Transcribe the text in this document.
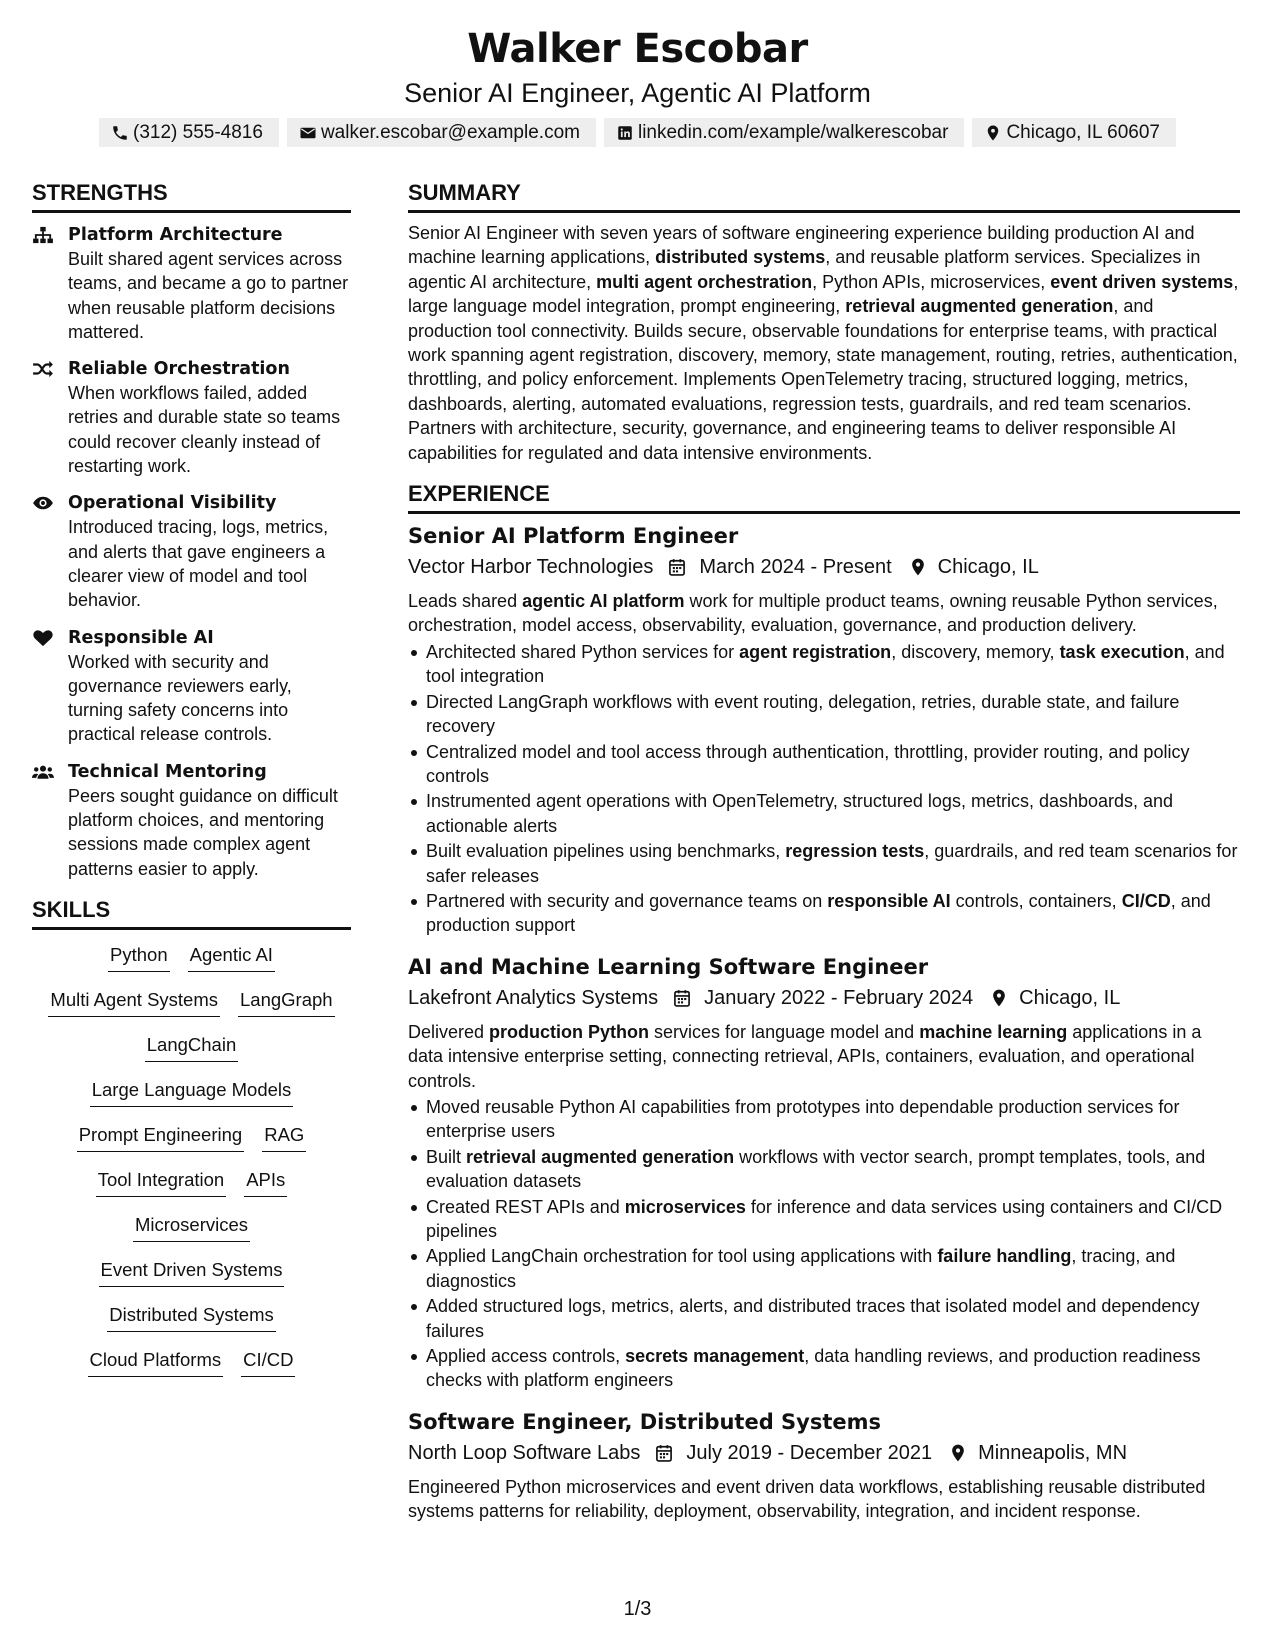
Walker Escobar
Senior AI Engineer, Agentic AI Platform
(312) 555-4816	walker.escobar@example.com	linkedin.com/example/walkerescobar	Chicago, IL 60607
STRENGTHS
Platform Architecture
Built shared agent services across teams, and became a go to partner when reusable platform decisions mattered.
Reliable Orchestration
When workflows failed, added retries and durable state so teams could recover cleanly instead of restarting work.
Operational Visibility
Introduced tracing, logs, metrics, and alerts that gave engineers a clearer view of model and tool behavior.
Responsible AI
Worked with security and governance reviewers early, turning safety concerns into practical release controls.
Technical Mentoring
Peers sought guidance on difficult platform choices, and mentoring sessions made complex agent patterns easier to apply.
SKILLS
Python Agentic AI
Multi Agent Systems LangGraph
LangChain
Large Language Models
Prompt Engineering RAG
Tool Integration APIs
Microservices
Event Driven Systems
Distributed Systems
Cloud Platforms CI/CD
SUMMARY
Senior AI Engineer with seven years of software engineering experience building production AI and machine learning applications, distributed systems, and reusable platform services. Specializes in agentic AI architecture, multi agent orchestration, Python APIs, microservices, event driven systems, large language model integration, prompt engineering, retrieval augmented generation, and production tool connectivity. Builds secure, observable foundations for enterprise teams, with practical work spanning agent registration, discovery, memory, state management, routing, retries, authentication, throttling, and policy enforcement. Implements OpenTelemetry tracing, structured logging, metrics, dashboards, alerting, automated evaluations, regression tests, guardrails, and red team scenarios. Partners with architecture, security, governance, and engineering teams to deliver responsible AI capabilities for regulated and data intensive environments.
EXPERIENCE
Senior AI Platform Engineer
Vector Harbor Technologies March 2024 - Present Chicago, IL
Leads shared agentic AI platform work for multiple product teams, owning reusable Python services, orchestration, model access, observability, evaluation, governance, and production delivery.
Architected shared Python services for agent registration, discovery, memory, task execution, and tool integration
Directed LangGraph workflows with event routing, delegation, retries, durable state, and failure recovery
Centralized model and tool access through authentication, throttling, provider routing, and policy controls
Instrumented agent operations with OpenTelemetry, structured logs, metrics, dashboards, and actionable alerts
Built evaluation pipelines using benchmarks, regression tests, guardrails, and red team scenarios for safer releases
Partnered with security and governance teams on responsible AI controls, containers, CI/CD, and production support
AI and Machine Learning Software Engineer
Lakefront Analytics Systems January 2022 - February 2024 Chicago, IL
Delivered production Python services for language model and machine learning applications in a data intensive enterprise setting, connecting retrieval, APIs, containers, evaluation, and operational controls.
Moved reusable Python AI capabilities from prototypes into dependable production services for enterprise users
Built retrieval augmented generation workflows with vector search, prompt templates, tools, and evaluation datasets
Created REST APIs and microservices for inference and data services using containers and CI/CD pipelines
Applied LangChain orchestration for tool using applications with failure handling, tracing, and diagnostics
Added structured logs, metrics, alerts, and distributed traces that isolated model and dependency failures
Applied access controls, secrets management, data handling reviews, and production readiness checks with platform engineers
Software Engineer, Distributed Systems
North Loop Software Labs July 2019 - December 2021 Minneapolis, MN
Engineered Python microservices and event driven data workflows, establishing reusable distributed systems patterns for reliability, deployment, observability, integration, and incident response.
1/3
